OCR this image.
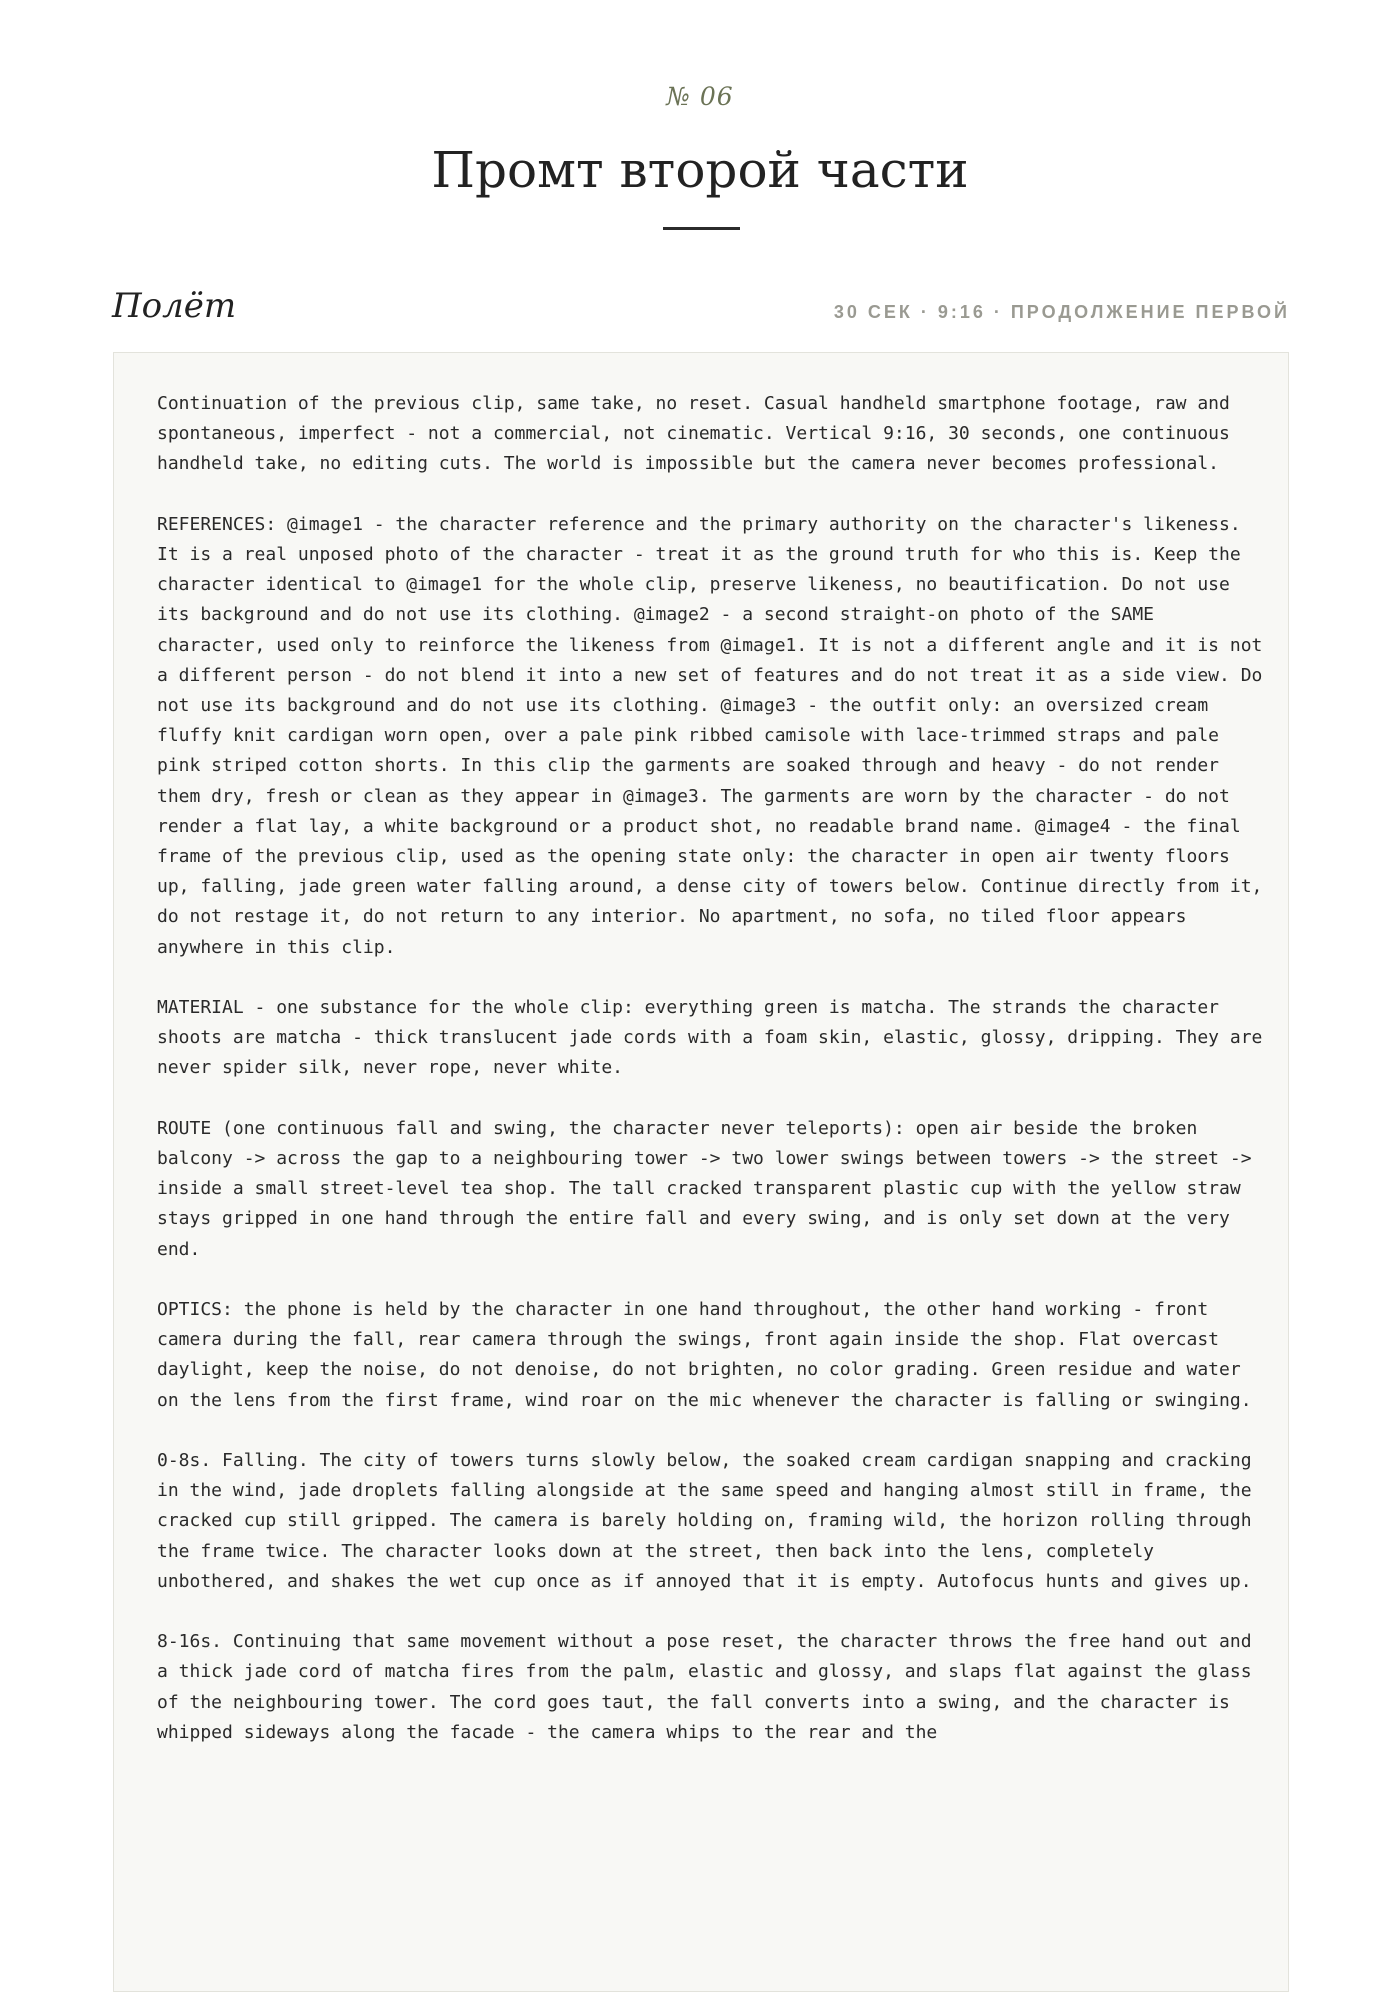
№ 06
Промт второй части
Полёт	30 СЕК · 9:16 · ПРОДОЛЖЕНИЕ ПЕРВОЙ

Continuation of the previous clip, same take, no reset. Casual handheld smartphone footage, raw and spontaneous, imperfect - not a commercial, not cinematic. Vertical 9:16, 30 seconds, one continuous handheld take, no editing cuts. The world is impossible but the camera never becomes professional.

REFERENCES: @image1 - the character reference and the primary authority on the character's likeness. It is a real unposed photo of the character - treat it as the ground truth for who this is. Keep the character identical to @image1 for the whole clip, preserve likeness, no beautification. Do not use its background and do not use its clothing. @image2 - a second straight-on photo of the SAME character, used only to reinforce the likeness from @image1. It is not a different angle and it is not a different person - do not blend it into a new set of features and do not treat it as a side view. Do not use its background and do not use its clothing. @image3 - the outfit only: an oversized cream fluffy knit cardigan worn open, over a pale pink ribbed camisole with lace-trimmed straps and pale pink striped cotton shorts. In this clip the garments are soaked through and heavy - do not render them dry, fresh or clean as they appear in @image3. The garments are worn by the character - do not render a flat lay, a white background or a product shot, no readable brand name. @image4 - the final frame of the previous clip, used as the opening state only: the character in open air twenty floors up, falling, jade green water falling around, a dense city of towers below. Continue directly from it, do not restage it, do not return to any interior. No apartment, no sofa, no tiled floor appears anywhere in this clip.

MATERIAL - one substance for the whole clip: everything green is matcha. The strands the character shoots are matcha - thick translucent jade cords with a foam skin, elastic, glossy, dripping. They are never spider silk, never rope, never white.

ROUTE (one continuous fall and swing, the character never teleports): open air beside the broken balcony -> across the gap to a neighbouring tower -> two lower swings between towers -> the street -> inside a small street-level tea shop. The tall cracked transparent plastic cup with the yellow straw stays gripped in one hand through the entire fall and every swing, and is only set down at the very end.

OPTICS: the phone is held by the character in one hand throughout, the other hand working - front camera during the fall, rear camera through the swings, front again inside the shop. Flat overcast daylight, keep the noise, do not denoise, do not brighten, no color grading. Green residue and water on the lens from the first frame, wind roar on the mic whenever the character is falling or swinging.

0-8s. Falling. The city of towers turns slowly below, the soaked cream cardigan snapping and cracking in the wind, jade droplets falling alongside at the same speed and hanging almost still in frame, the cracked cup still gripped. The camera is barely holding on, framing wild, the horizon rolling through the frame twice. The character looks down at the street, then back into the lens, completely unbothered, and shakes the wet cup once as if annoyed that it is empty. Autofocus hunts and gives up.

8-16s. Continuing that same movement without a pose reset, the character throws the free hand out and a thick jade cord of matcha fires from the palm, elastic and glossy, and slaps flat against the glass of the neighbouring tower. The cord goes taut, the fall converts into a swing, and the character is whipped sideways along the facade - the camera whips to the rear and the
